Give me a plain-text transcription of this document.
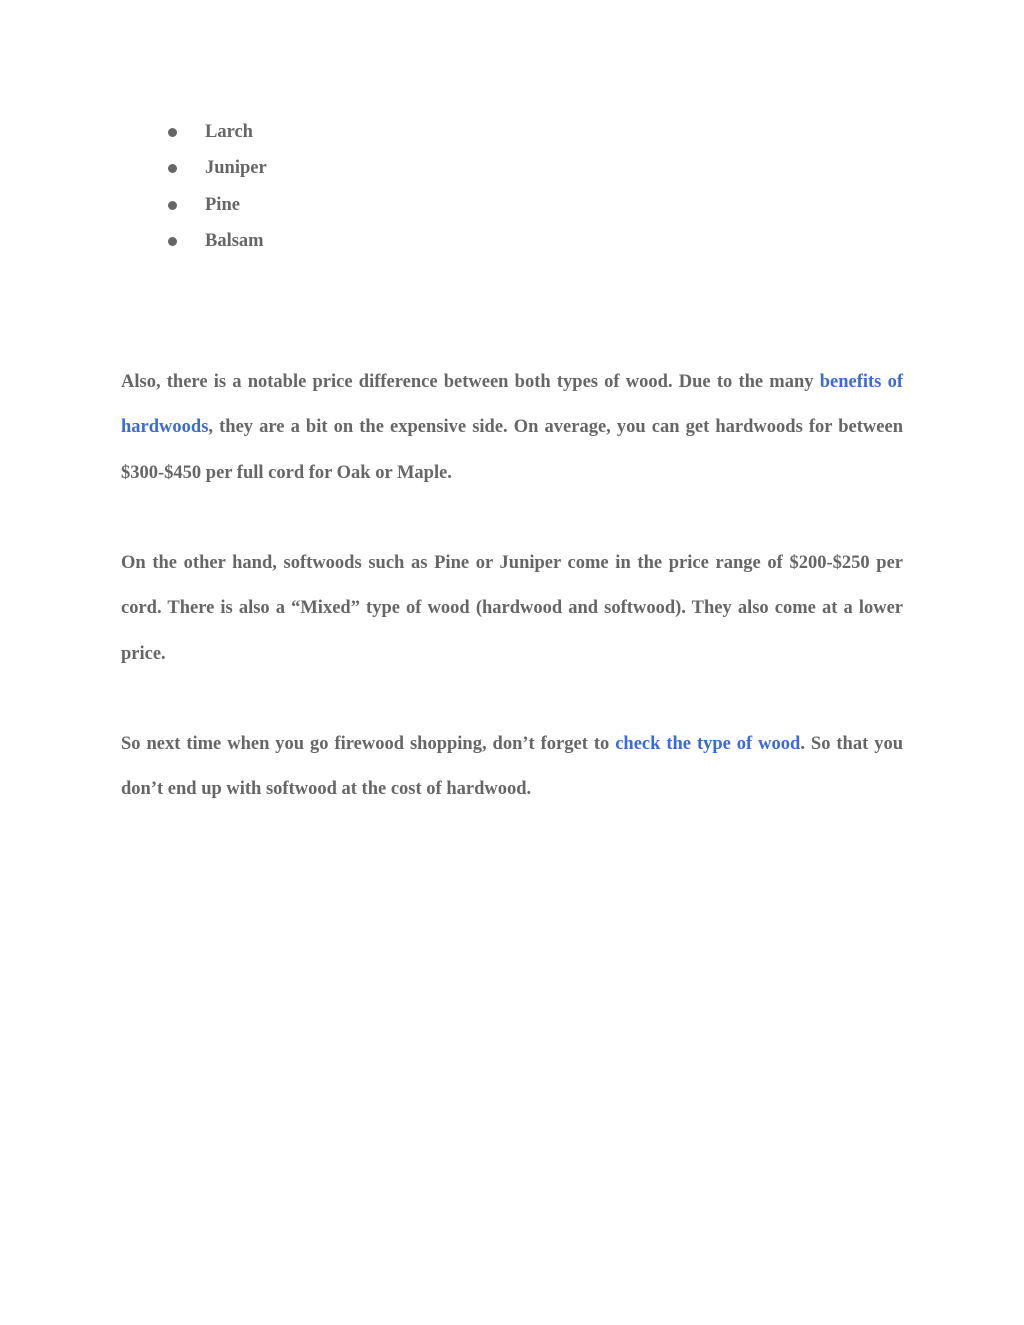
Larch
Juniper
Pine
Balsam

Also, there is a notable price difference between both types of wood. Due to the many benefits of hardwoods, they are a bit on the expensive side. On average, you can get hardwoods for between $300-$450 per full cord for Oak or Maple.

On the other hand, softwoods such as Pine or Juniper come in the price range of $200-$250 per cord. There is also a “Mixed” type of wood (hardwood and softwood). They also come at a lower price.

So next time when you go firewood shopping, don’t forget to check the type of wood. So that you don’t end up with softwood at the cost of hardwood.
